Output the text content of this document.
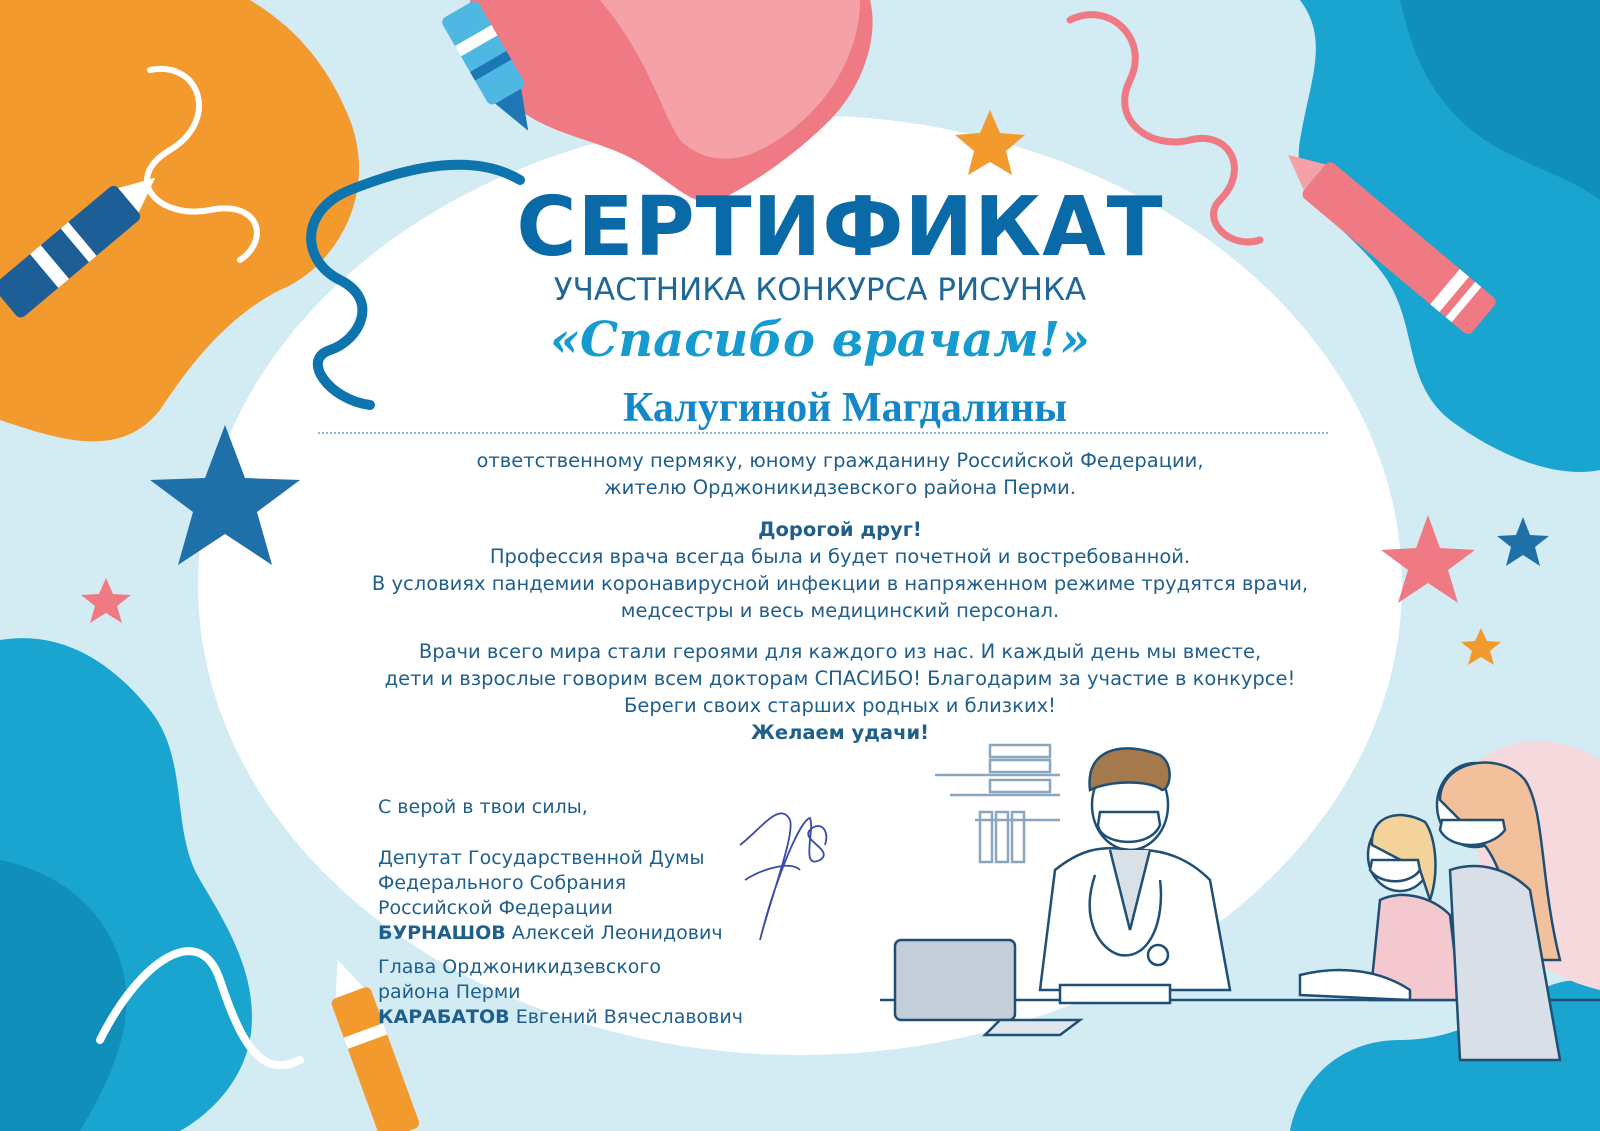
СЕРТИФИКАТ
УЧАСТНИКА КОНКУРСА РИСУНКА
«Спасибо врачам!»
Калугиной Магдалины
ответственному пермяку, юному гражданину Российской Федерации,
жителю Орджоникидзевского района Перми.
Дорогой друг!
Профессия врача всегда была и будет почетной и востребованной.
В условиях пандемии коронавирусной инфекции в напряженном режиме трудятся врачи,
медсестры и весь медицинский персонал.
Врачи всего мира стали героями для каждого из нас. И каждый день мы вместе,
дети и взрослые говорим всем докторам СПАСИБО! Благодарим за участие в конкурсе!
Береги своих старших родных и близких!
Желаем удачи!
С верой в твои силы,
Депутат Государственной Думы
Федерального Собрания
Российской Федерации
БУРНАШОВ Алексей Леонидович
Глава Орджоникидзевского
района Перми
КАРАБАТОВ Евгений Вячеславович
